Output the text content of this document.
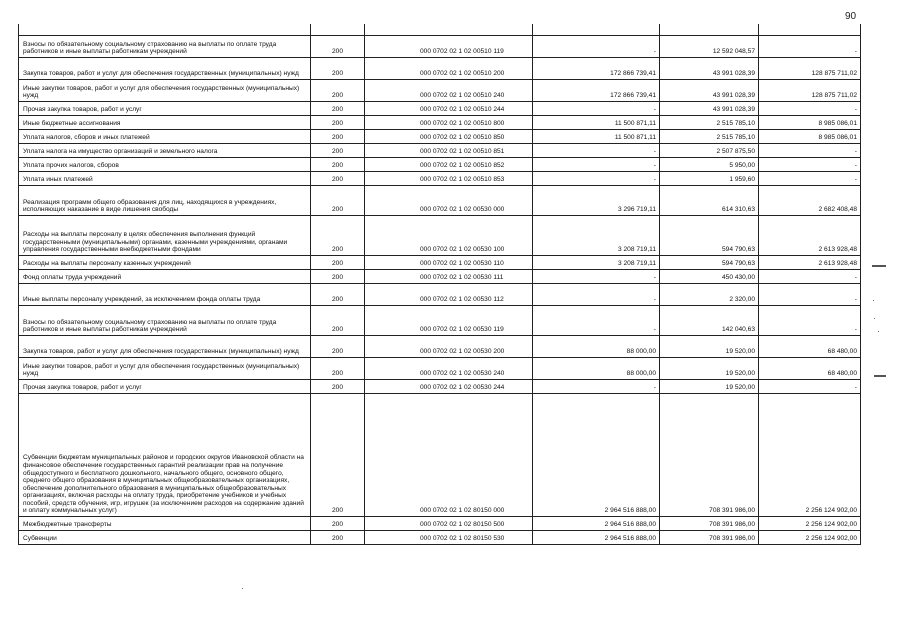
90

Взносы по обязательному социальному страхованию на выплаты по оплате труда работников и иные выплаты работникам учреждений	200	000 0702 02 1 02 00510 119	-	12 592 048,57	-
Закупка товаров, работ и услуг для обеспечения государственных (муниципальных) нужд	200	000 0702 02 1 02 00510 200	172 866 739,41	43 991 028,39	128 875 711,02
Иные закупки товаров, работ и услуг для обеспечения государственных (муниципальных) нужд	200	000 0702 02 1 02 00510 240	172 866 739,41	43 991 028,39	128 875 711,02
Прочая закупка товаров, работ и услуг	200	000 0702 02 1 02 00510 244	-	43 991 028,39	-
Иные бюджетные ассигнования	200	000 0702 02 1 02 00510 800	11 500 871,11	2 515 785,10	8 985 086,01
Уплата налогов, сборов и иных платежей	200	000 0702 02 1 02 00510 850	11 500 871,11	2 515 785,10	8 985 086,01
Уплата налога на имущество организаций и земельного налога	200	000 0702 02 1 02 00510 851	-	2 507 875,50	-
Уплата прочих налогов, сборов	200	000 0702 02 1 02 00510 852	-	5 950,00	-
Уплата иных платежей	200	000 0702 02 1 02 00510 853	-	1 959,60	-
Реализация программ общего образования для лиц, находящихся в учреждениях, исполняющих наказание в виде лишения свободы	200	000 0702 02 1 02 00530 000	3 296 719,11	614 310,63	2 682 408,48
Расходы на выплаты персоналу в целях обеспечения выполнения функций государственными (муниципальными) органами, казенными учреждениями, органами управления государственными внебюджетными фондами	200	000 0702 02 1 02 00530 100	3 208 719,11	594 790,63	2 613 928,48
Расходы на выплаты персоналу казенных учреждений	200	000 0702 02 1 02 00530 110	3 208 719,11	594 790,63	2 613 928,48
Фонд оплаты труда учреждений	200	000 0702 02 1 02 00530 111	-	450 430,00	-
Иные выплаты персоналу учреждений, за исключением фонда оплаты труда	200	000 0702 02 1 02 00530 112	-	2 320,00	-
Взносы по обязательному социальному страхованию на выплаты по оплате труда работников и иные выплаты работникам учреждений	200	000 0702 02 1 02 00530 119	-	142 040,63	-
Закупка товаров, работ и услуг для обеспечения государственных (муниципальных) нужд	200	000 0702 02 1 02 00530 200	88 000,00	19 520,00	68 480,00
Иные закупки товаров, работ и услуг для обеспечения государственных (муниципальных) нужд	200	000 0702 02 1 02 00530 240	88 000,00	19 520,00	68 480,00
Прочая закупка товаров, работ и услуг	200	000 0702 02 1 02 00530 244	-	19 520,00	-
Субвенции бюджетам муниципальных районов и городских округов Ивановской области на финансовое обеспечение государственных гарантий реализации прав на получение общедоступного и бесплатного дошкольного, начального общего, основного общего, среднего общего образования в муниципальных общеобразовательных организациях, обеспечение дополнительного образования в муниципальных общеобразовательных организациях, включая расходы на оплату труда, приобретение учебников и учебных пособий, средств обучения, игр, игрушек (за исключением расходов на содержание зданий и оплату коммунальных услуг)	200	000 0702 02 1 02 80150 000	2 964 516 888,00	708 391 986,00	2 256 124 902,00
Межбюджетные трансферты	200	000 0702 02 1 02 80150 500	2 964 516 888,00	708 391 986,00	2 256 124 902,00
Субвенции	200	000 0702 02 1 02 80150 530	2 964 516 888,00	708 391 986,00	2 256 124 902,00
